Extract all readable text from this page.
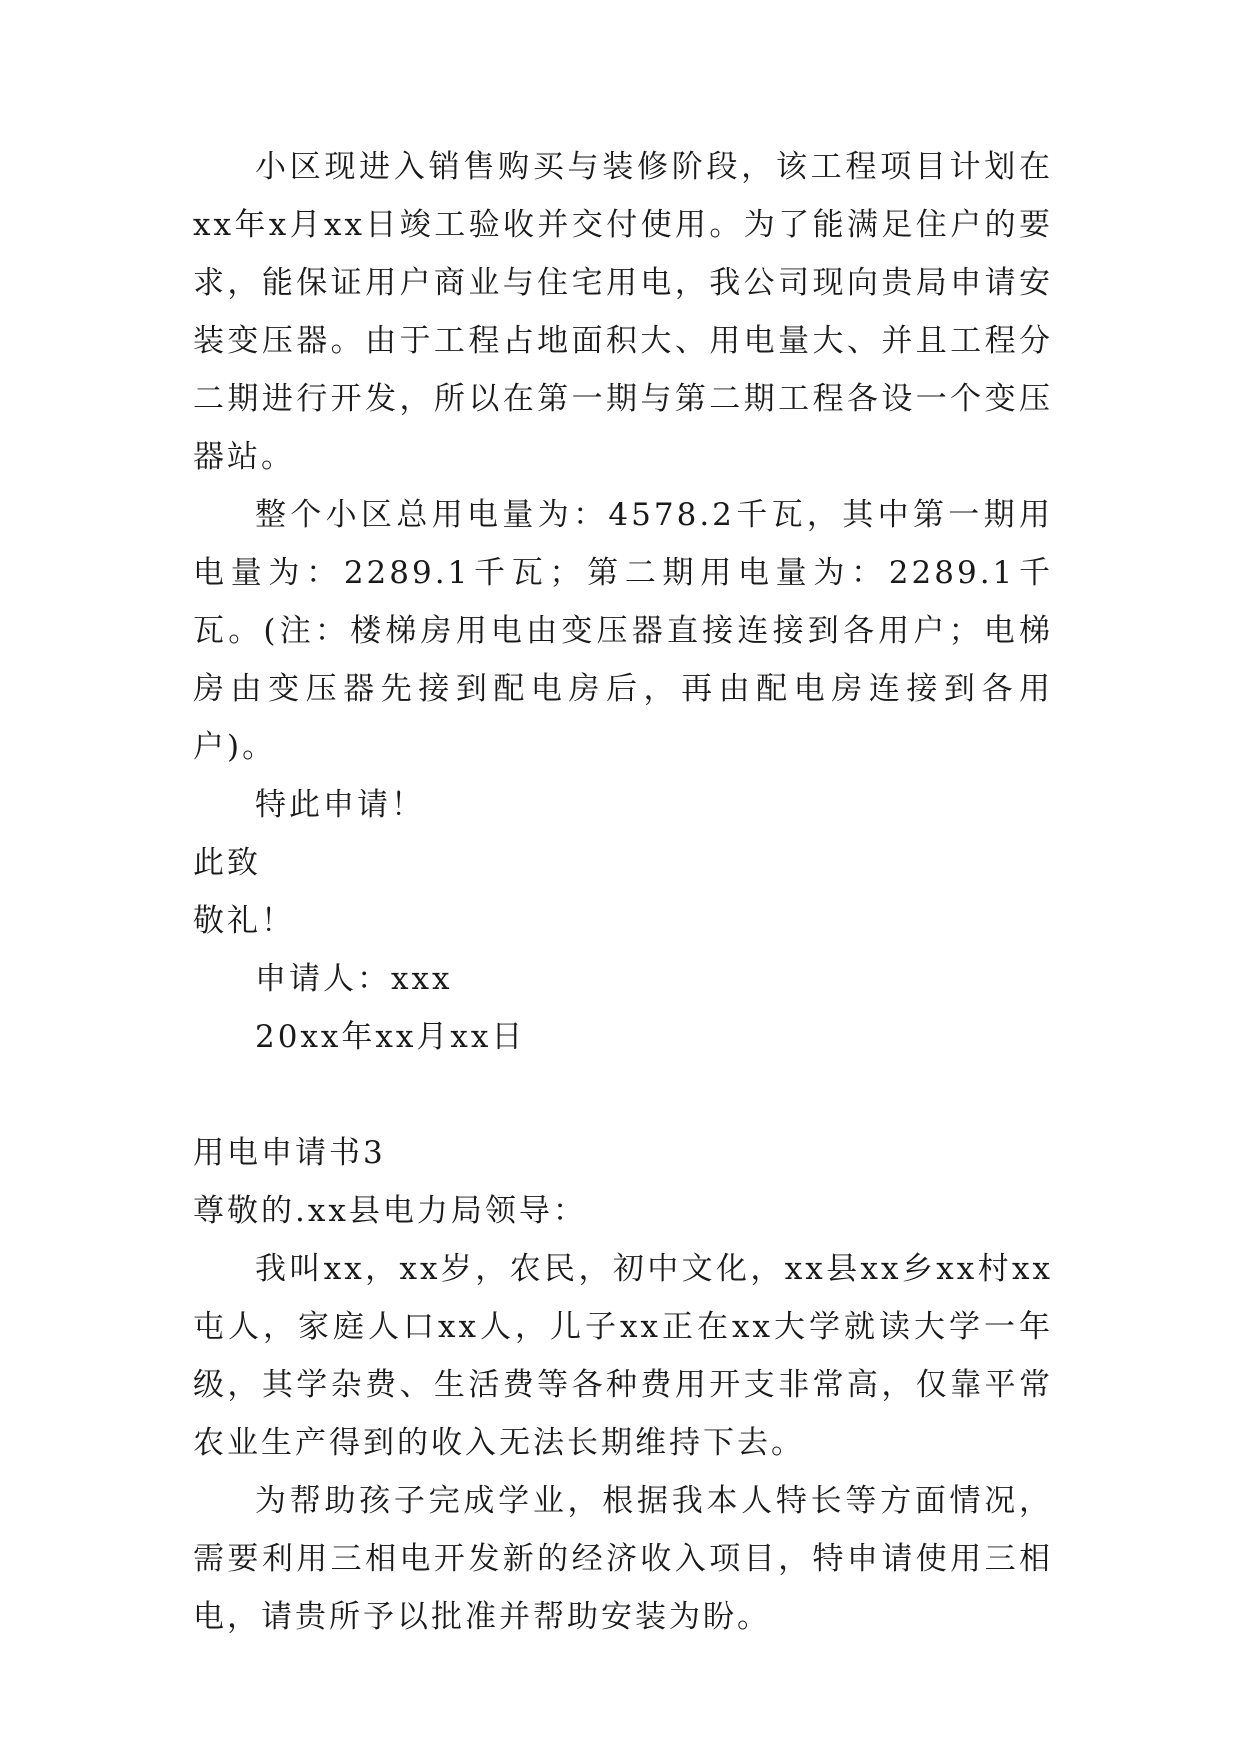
小区现进入销售购买与装修阶段，该工程项目计划在xx年x月xx日竣工验收并交付使用。为了能满足住户的要求，能保证用户商业与住宅用电，我公司现向贵局申请安装变压器。由于工程占地面积大、用电量大、并且工程分二期进行开发，所以在第一期与第二期工程各设一个变压器站。

整个小区总用电量为：4578.2千瓦，其中第一期用电量为：2289.1千瓦；第二期用电量为：2289.1千瓦。(注：楼梯房用电由变压器直接连接到各用户；电梯房由变压器先接到配电房后，再由配电房连接到各用户)。

特此申请！

此致

敬礼！

申请人：xxx

20xx年xx月xx日

用电申请书3

尊敬的.xx县电力局领导：

我叫xx，xx岁，农民，初中文化，xx县xx乡xx村xx屯人，家庭人口xx人，儿子xx正在xx大学就读大学一年级，其学杂费、生活费等各种费用开支非常高，仅靠平常农业生产得到的收入无法长期维持下去。

为帮助孩子完成学业，根据我本人特长等方面情况，需要利用三相电开发新的经济收入项目，特申请使用三相电，请贵所予以批准并帮助安装为盼。
